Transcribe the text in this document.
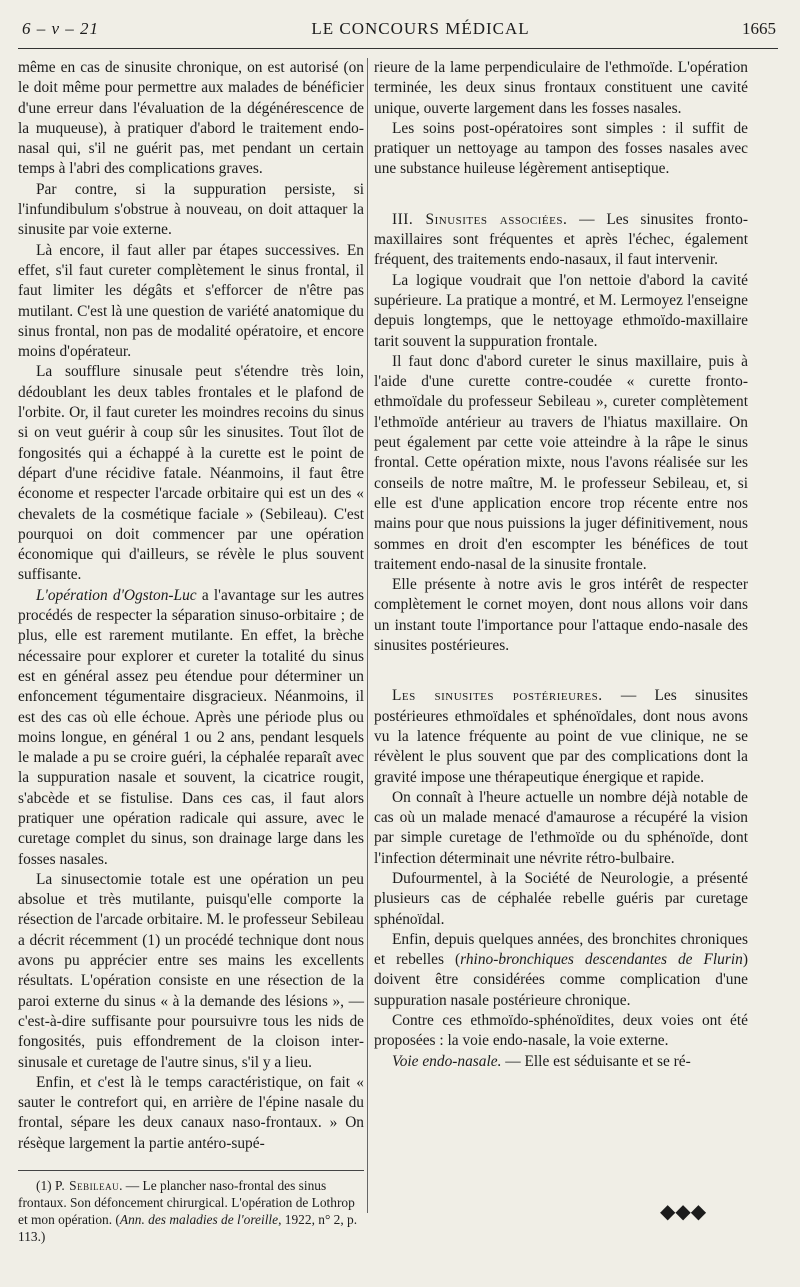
6 – v – 21	LE CONCOURS MÉDICAL	1665

même en cas de sinusite chronique, on est autorisé (on le doit même pour permettre aux malades de bénéficier d'une erreur dans l'évaluation de la dégénérescence de la muqueuse), à pratiquer d'abord le traitement endo-nasal qui, s'il ne guérit pas, met pendant un certain temps à l'abri des complications graves.

Par contre, si la suppuration persiste, si l'infundibulum s'obstrue à nouveau, on doit attaquer la sinusite par voie externe.

Là encore, il faut aller par étapes successives. En effet, s'il faut cureter complètement le sinus frontal, il faut limiter les dégâts et s'efforcer de n'être pas mutilant. C'est là une question de variété anatomique du sinus frontal, non pas de modalité opératoire, et encore moins d'opérateur.

La soufflure sinusale peut s'étendre très loin, dédoublant les deux tables frontales et le plafond de l'orbite. Or, il faut cureter les moindres recoins du sinus si on veut guérir à coup sûr les sinusites. Tout îlot de fongosités qui a échappé à la curette est le point de départ d'une récidive fatale. Néanmoins, il faut être économe et respecter l'arcade orbitaire qui est un des « chevalets de la cosmétique faciale » (Sebileau). C'est pourquoi on doit commencer par une opération économique qui d'ailleurs, se révèle le plus souvent suffisante.

L'opération d'Ogston-Luc a l'avantage sur les autres procédés de respecter la séparation sinuso-orbitaire ; de plus, elle est rarement mutilante. En effet, la brèche nécessaire pour explorer et cureter la totalité du sinus est en général assez peu étendue pour déterminer un enfoncement tégumentaire disgracieux. Néanmoins, il est des cas où elle échoue. Après une période plus ou moins longue, en général 1 ou 2 ans, pendant lesquels le malade a pu se croire guéri, la céphalée reparaît avec la suppuration nasale et souvent, la cicatrice rougit, s'abcède et se fistulise. Dans ces cas, il faut alors pratiquer une opération radicale qui assure, avec le curetage complet du sinus, son drainage large dans les fosses nasales.

La sinusectomie totale est une opération un peu absolue et très mutilante, puisqu'elle comporte la résection de l'arcade orbitaire. M. le professeur Sebileau a décrit récemment (1) un procédé technique dont nous avons pu apprécier entre ses mains les excellents résultats. L'opération consiste en une résection de la paroi externe du sinus « à la demande des lésions », — c'est-à-dire suffisante pour poursuivre tous les nids de fongosités, puis effondrement de la cloison inter-sinusale et curetage de l'autre sinus, s'il y a lieu.

Enfin, et c'est là le temps caractéristique, on fait « sauter le contrefort qui, en arrière de l'épine nasale du frontal, sépare les deux canaux naso-frontaux. » On résèque largement la partie antéro-supé-

(1) P. Sebileau. — Le plancher naso-frontal des sinus frontaux. Son défoncement chirurgical. L'opération de Lothrop et mon opération. (Ann. des maladies de l'oreille, 1922, n° 2, p. 113.)

rieure de la lame perpendiculaire de l'ethmoïde. L'opération terminée, les deux sinus frontaux constituent une cavité unique, ouverte largement dans les fosses nasales.

Les soins post-opératoires sont simples : il suffit de pratiquer un nettoyage au tampon des fosses nasales avec une substance huileuse légèrement antiseptique.

III. Sinusites associées. — Les sinusites fronto-maxillaires sont fréquentes et après l'échec, également fréquent, des traitements endo-nasaux, il faut intervenir.

La logique voudrait que l'on nettoie d'abord la cavité supérieure. La pratique a montré, et M. Lermoyez l'enseigne depuis longtemps, que le nettoyage ethmoïdo-maxillaire tarit souvent la suppuration frontale.

Il faut donc d'abord cureter le sinus maxillaire, puis à l'aide d'une curette contre-coudée « curette fronto-ethmoïdale du professeur Sebileau », cureter complètement l'ethmoïde antérieur au travers de l'hiatus maxillaire. On peut également par cette voie atteindre à la râpe le sinus frontal. Cette opération mixte, nous l'avons réalisée sur les conseils de notre maître, M. le professeur Sebileau, et, si elle est d'une application encore trop récente entre nos mains pour que nous puissions la juger définitivement, nous sommes en droit d'en escompter les bénéfices de tout traitement endo-nasal de la sinusite frontale.

Elle présente à notre avis le gros intérêt de respecter complètement le cornet moyen, dont nous allons voir dans un instant toute l'importance pour l'attaque endo-nasale des sinusites postérieures.

Les sinusites postérieures. — Les sinusites postérieures ethmoïdales et sphénoïdales, dont nous avons vu la latence fréquente au point de vue clinique, ne se révèlent le plus souvent que par des complications dont la gravité impose une thérapeutique énergique et rapide.

On connaît à l'heure actuelle un nombre déjà notable de cas où un malade menacé d'amaurose a récupéré la vision par simple curetage de l'ethmoïde ou du sphénoïde, dont l'infection déterminait une névrite rétro-bulbaire.

Dufourmentel, à la Société de Neurologie, a présenté plusieurs cas de céphalée rebelle guéris par curetage sphénoïdal.

Enfin, depuis quelques années, des bronchites chroniques et rebelles (rhino-bronchiques descendantes de Flurin) doivent être considérées comme complication d'une suppuration nasale postérieure chronique.

Contre ces ethmoïdo-sphénoïdites, deux voies ont été proposées : la voie endo-nasale, la voie externe.

Voie endo-nasale. — Elle est séduisante et se ré-

◆◆◆
